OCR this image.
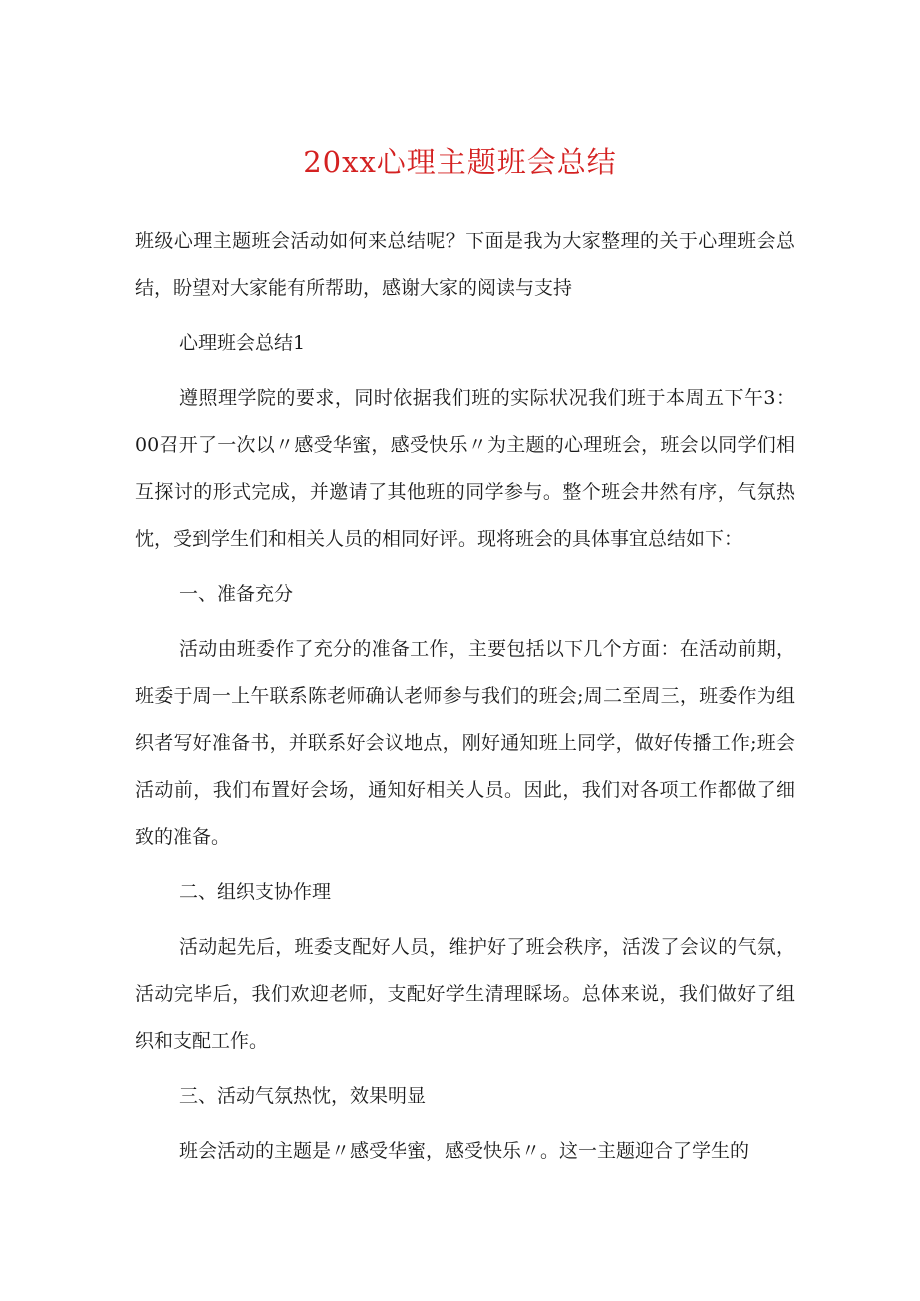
20xx心理主题班会总结

班级心理主题班会活动如何来总结呢？下面是我为大家整理的关于心理班会总结，盼望对大家能有所帮助，感谢大家的阅读与支持

心理班会总结1

遵照理学院的要求，同时依据我们班的实际状况我们班于本周五下午3：00召开了一次以〃感受华蜜，感受快乐〃为主题的心理班会，班会以同学们相互探讨的形式完成，并邀请了其他班的同学参与。整个班会井然有序，气氛热忱，受到学生们和相关人员的相同好评。现将班会的具体事宜总结如下：

一、准备充分

活动由班委作了充分的准备工作，主要包括以下几个方面：在活动前期，班委于周一上午联系陈老师确认老师参与我们的班会;周二至周三，班委作为组织者写好准备书，并联系好会议地点，刚好通知班上同学，做好传播工作;班会活动前，我们布置好会场，通知好相关人员。因此，我们对各项工作都做了细致的准备。

二、组织支协作理

活动起先后，班委支配好人员，维护好了班会秩序，活泼了会议的气氛，活动完毕后，我们欢迎老师，支配好学生清理睬场。总体来说，我们做好了组织和支配工作。

三、活动气氛热忱，效果明显

班会活动的主题是〃感受华蜜，感受快乐〃。这一主题迎合了学生的
